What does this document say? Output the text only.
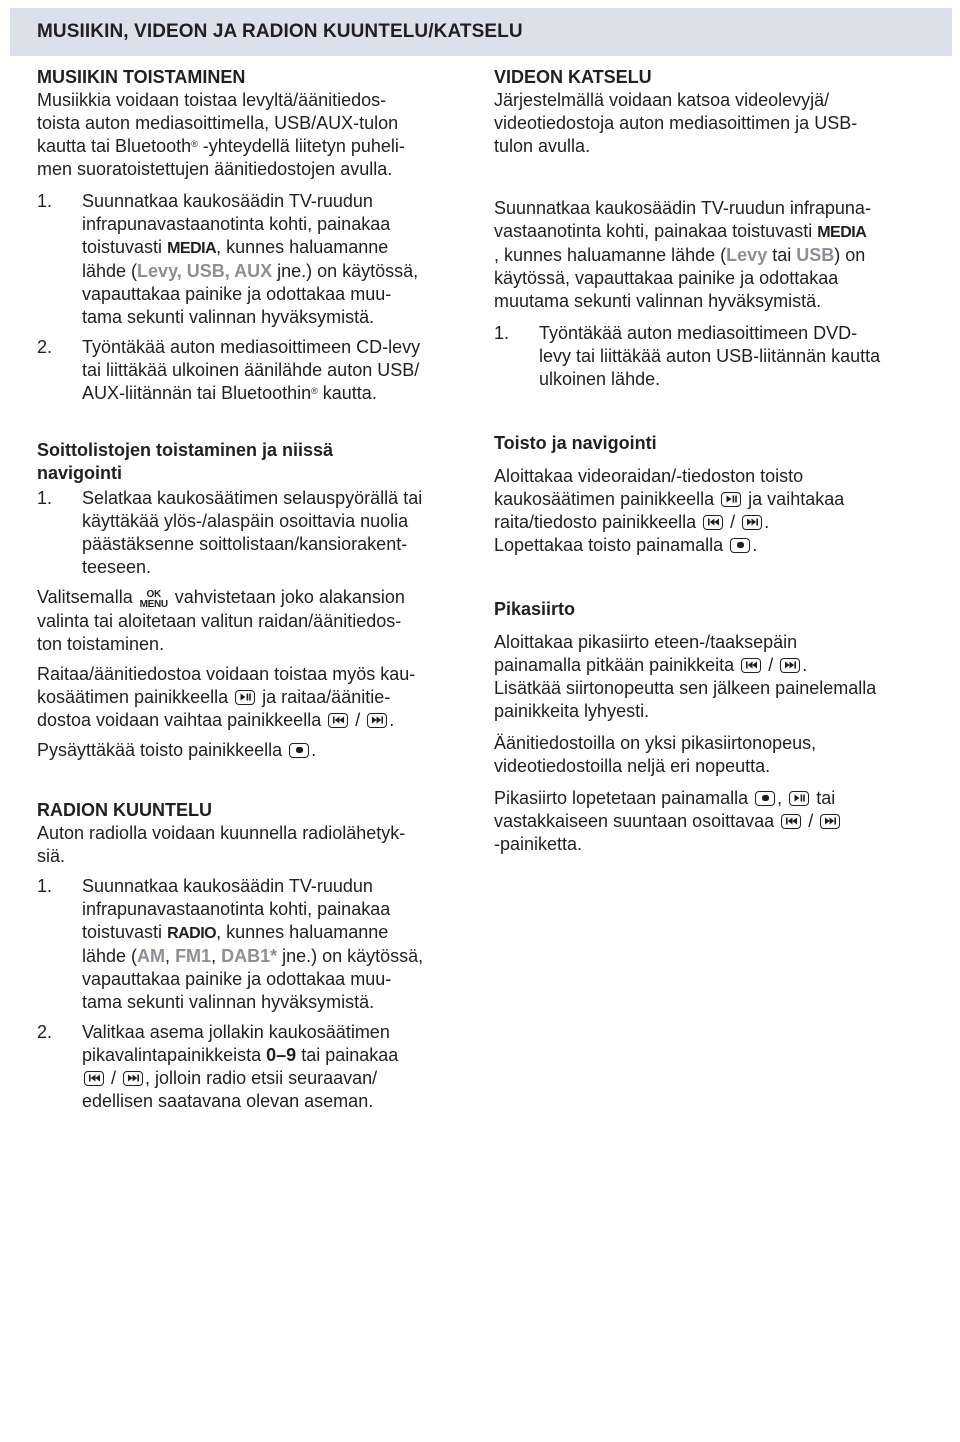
MUSIIKIN, VIDEON JA RADION KUUNTELU/KATSELU

MUSIIKIN TOISTAMINEN

Musiikkia voidaan toistaa levyltä/äänitiedos-
toista auton mediasoittimella, USB/AUX-tulon
kautta tai Bluetooth® -yhteydellä liitetyn puheli-
men suoratoistettujen äänitiedostojen avulla.

1. Suunnatkaa kaukosäädin TV-ruudun
infrapunavastaanotinta kohti, painakaa
toistuvasti MEDIA, kunnes haluamanne
lähde (Levy, USB, AUX jne.) on käytössä,
vapauttakaa painike ja odottakaa muu-
tama sekunti valinnan hyväksymistä.
2. Työntäkää auton mediasoittimeen CD-levy
tai liittäkää ulkoinen äänilähde auton USB/
AUX-liitännän tai Bluetoothin® kautta.

Soittolistojen toistaminen ja niissä
navigointi

1. Selatkaa kaukosäätimen selauspyörällä tai
käyttäkää ylös-/alaspäin osoittavia nuolia
päästäksenne soittolistaan/kansiorakent-
teeseen.

Valitsemalla	OK
MENU vahvistetaan joko alakansion
valinta tai aloitetaan valitun raidan/äänitiedos-
ton toistaminen.

Raitaa/äänitiedostoa voidaan toistaa myös kau-
kosäätimen painikkeella ja raitaa/äänitie-
dostoa voidaan vaihtaa painikkeella / .

Pysäyttäkää toisto painikkeella .

RADION KUUNTELU

Auton radiolla voidaan kuunnella radiolähetyk-
siä.

1. Suunnatkaa kaukosäädin TV-ruudun
infrapunavastaanotinta kohti, painakaa
toistuvasti RADIO, kunnes haluamanne
lähde (AM, FM1, DAB1* jne.) on käytössä,
vapauttakaa painike ja odottakaa muu-
tama sekunti valinnan hyväksymistä.
2. Valitkaa asema jollakin kaukosäätimen
pikavalintapainikkeista 0–9 tai painakaa
/ , jolloin radio etsii seuraavan/
edellisen saatavana olevan aseman.

VIDEON KATSELU

Järjestelmällä voidaan katsoa videolevyjä/
videotiedostoja auton mediasoittimen ja USB-
tulon avulla.

Suunnatkaa kaukosäädin TV-ruudun infrapuna-
vastaanotinta kohti, painakaa toistuvasti MEDIA
, kunnes haluamanne lähde (Levy tai USB) on
käytössä, vapauttakaa painike ja odottakaa
muutama sekunti valinnan hyväksymistä.

1. Työntäkää auton mediasoittimeen DVD-
levy tai liittäkää auton USB-liitännän kautta
ulkoinen lähde.

Toisto ja navigointi

Aloittakaa videoraidan/-tiedoston toisto
kaukosäätimen painikkeella ja vaihtakaa
raita/tiedosto painikkeella / .
Lopettakaa toisto painamalla .

Pikasiirto

Aloittakaa pikasiirto eteen-/taaksepäin
painamalla pitkään painikkeita / .
Lisätkää siirtonopeutta sen jälkeen painelemalla
painikkeita lyhyesti.

Äänitiedostoilla on yksi pikasiirtonopeus,
videotiedostoilla neljä eri nopeutta.

Pikasiirto lopetetaan painamalla , tai
vastakkaiseen suuntaan osoittavaa /
-painiketta.
